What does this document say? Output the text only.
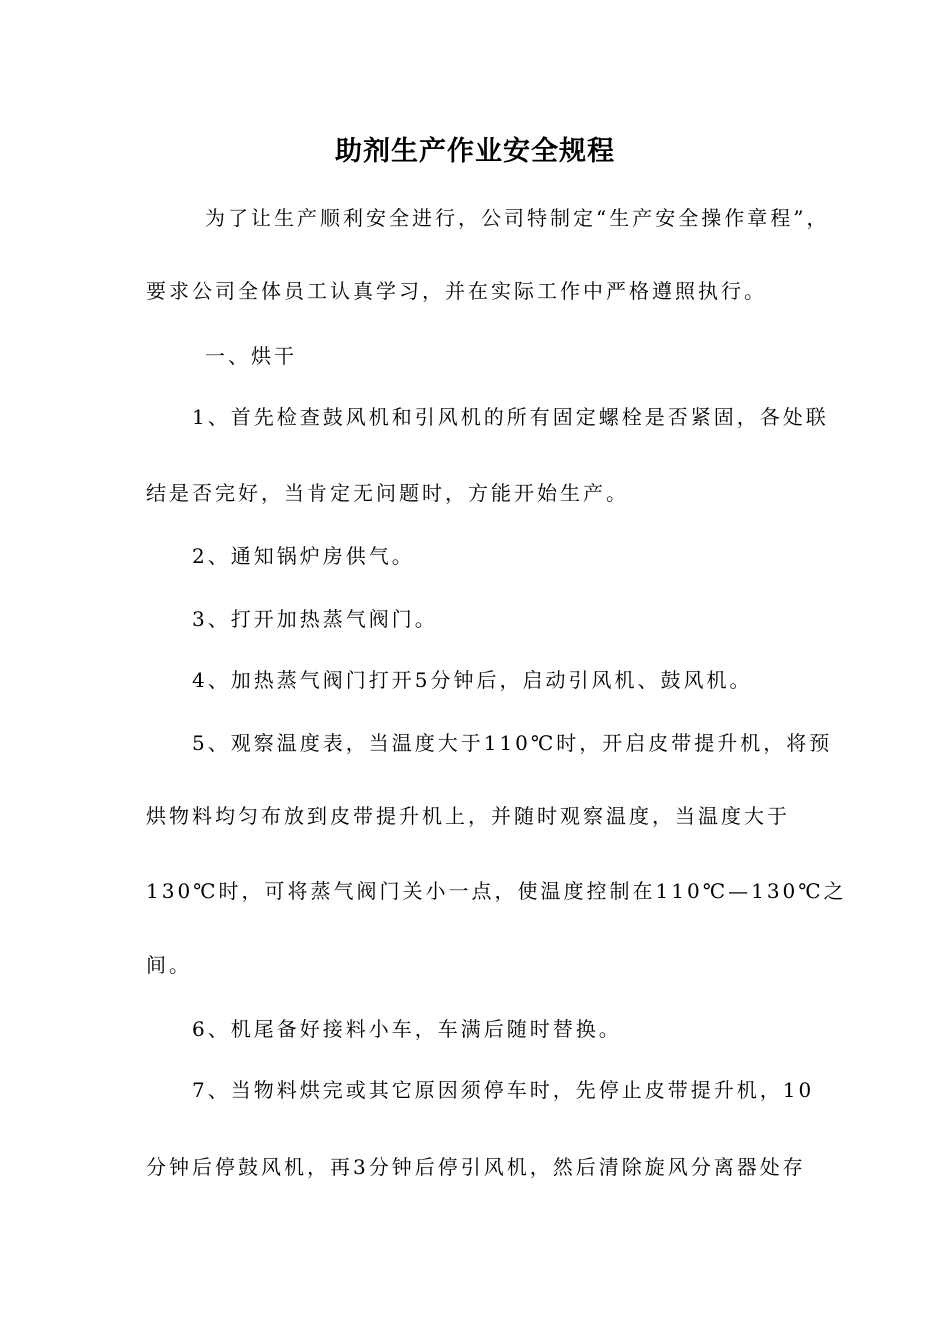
助剂生产作业安全规程
为了让生产顺利安全进行，公司特制定“生产安全操作章程”，
要求公司全体员工认真学习，并在实际工作中严格遵照执行。
一、烘干
1、首先检查鼓风机和引风机的所有固定螺栓是否紧固，各处联
结是否完好，当肯定无问题时，方能开始生产。
2、通知锅炉房供气。
3、打开加热蒸气阀门。
4、加热蒸气阀门打开5分钟后，启动引风机、鼓风机。
5、观察温度表，当温度大于110℃时，开启皮带提升机，将预
烘物料均匀布放到皮带提升机上，并随时观察温度，当温度大于
130℃时，可将蒸气阀门关小一点，使温度控制在110℃—130℃之
间。
6、机尾备好接料小车，车满后随时替换。
7、当物料烘完或其它原因须停车时，先停止皮带提升机，10
分钟后停鼓风机，再3分钟后停引风机，然后清除旋风分离器处存
